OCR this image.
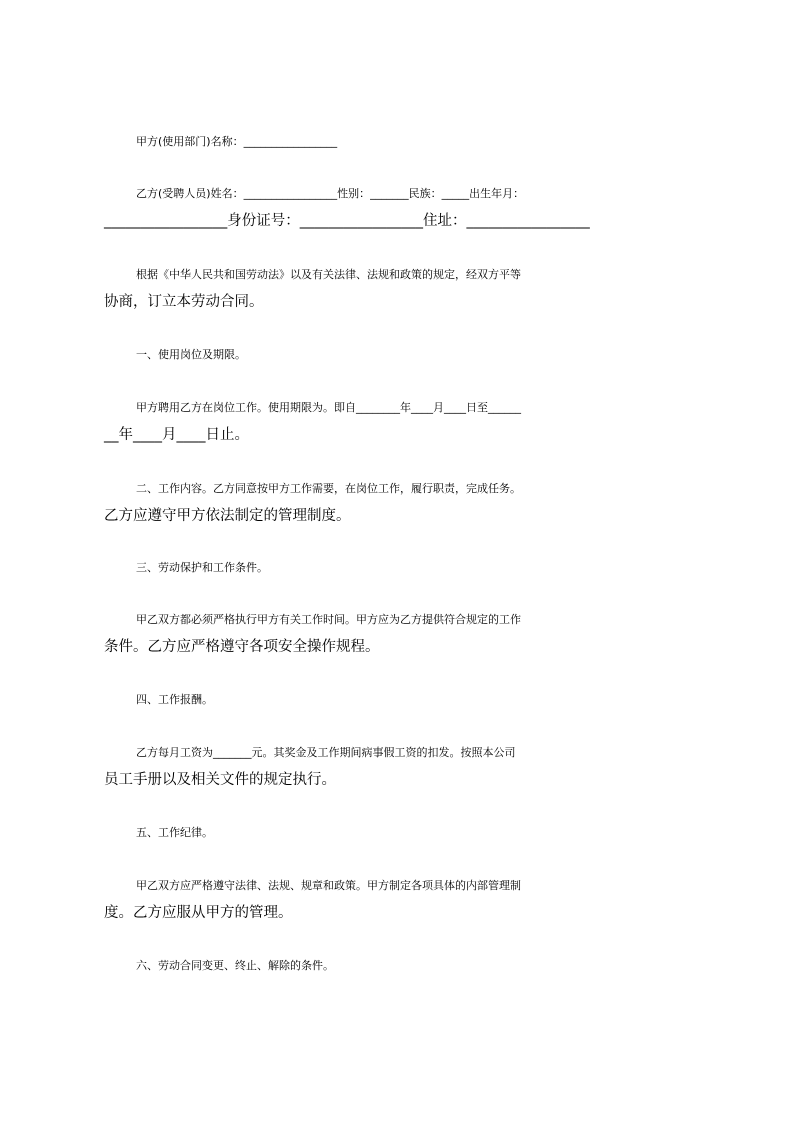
甲方(使用部门)名称：_________________

乙方(受聘人员)姓名：_________________性别：_______民族：_____出生年月：

_________________身份证号：_________________住址：_________________

根据《中华人民共和国劳动法》以及有关法律、法规和政策的规定，经双方平等

协商，订立本劳动合同。

一、使用岗位及期限。

甲方聘用乙方在岗位工作。使用期限为。即自________年____月____日至______

__年____月____日止。

二、工作内容。乙方同意按甲方工作需要，在岗位工作，履行职责，完成任务。

乙方应遵守甲方依法制定的管理制度。

三、劳动保护和工作条件。

甲乙双方都必须严格执行甲方有关工作时间。甲方应为乙方提供符合规定的工作

条件。乙方应严格遵守各项安全操作规程。

四、工作报酬。

乙方每月工资为_______元。其奖金及工作期间病事假工资的扣发。按照本公司

员工手册以及相关文件的规定执行。

五、工作纪律。

甲乙双方应严格遵守法律、法规、规章和政策。甲方制定各项具体的内部管理制

度。乙方应服从甲方的管理。

六、劳动合同变更、终止、解除的条件。
